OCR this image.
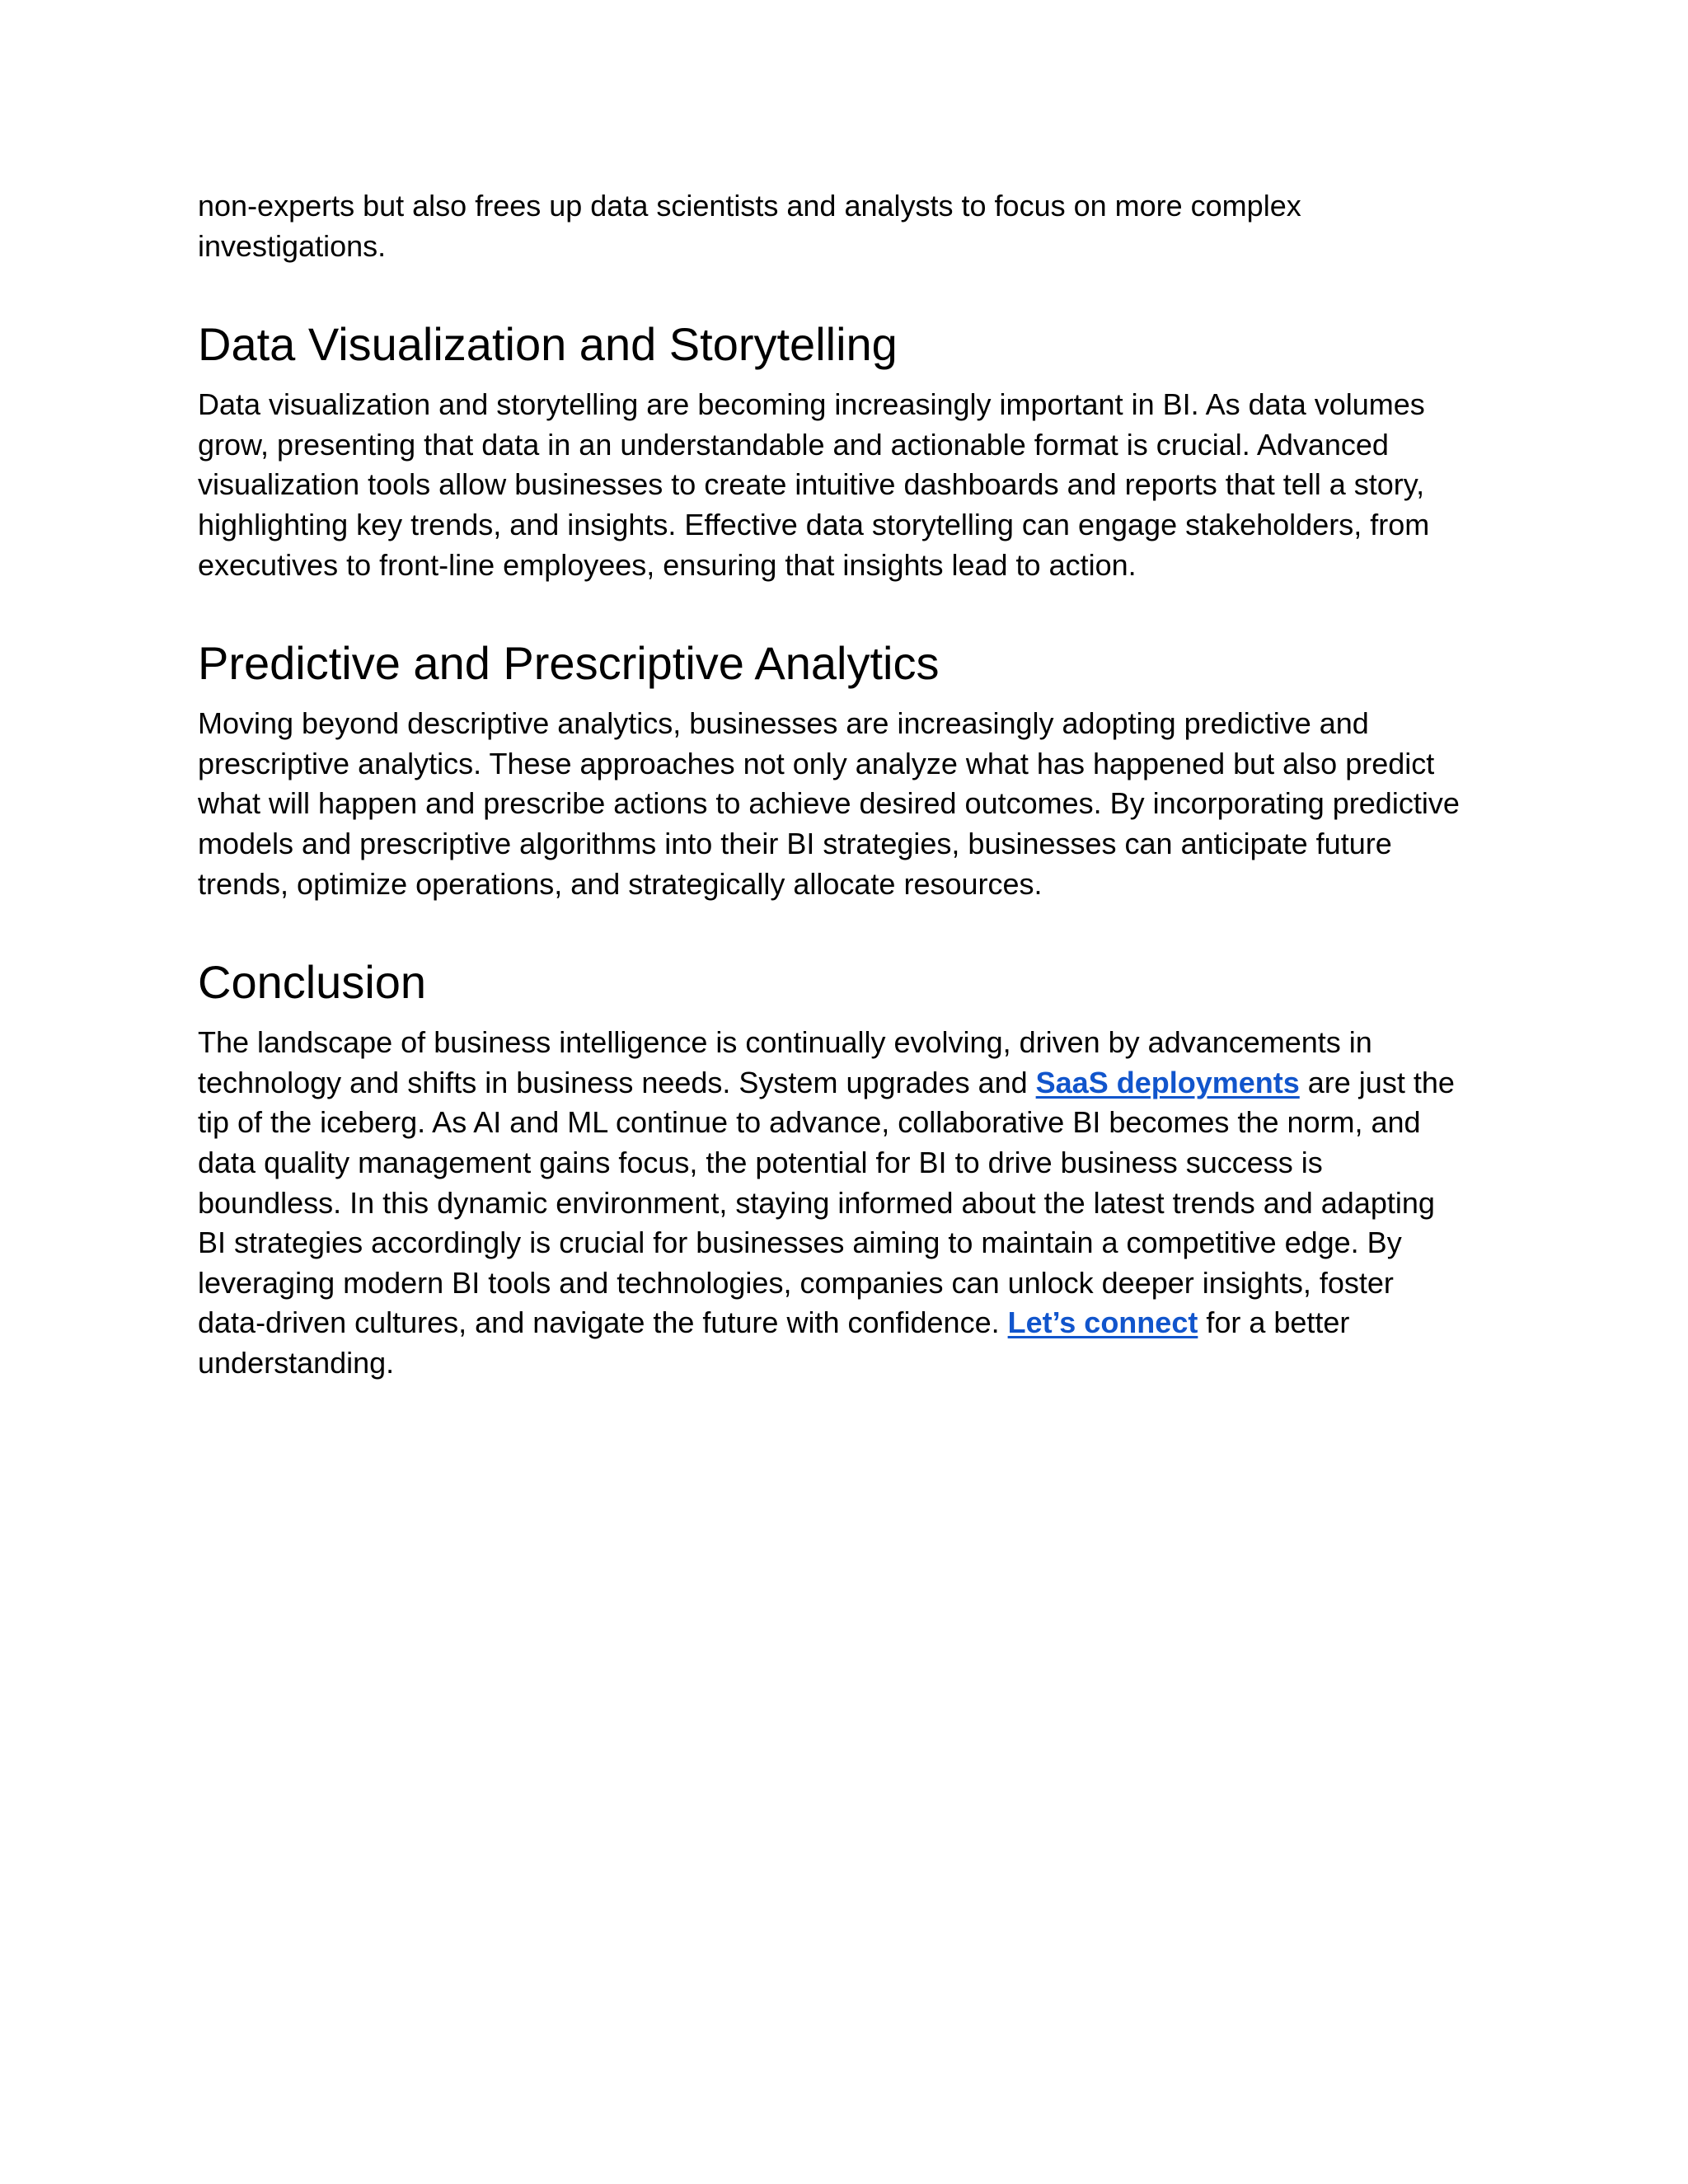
non-experts but also frees up data scientists and analysts to focus on more complex
investigations.

Data Visualization and Storytelling

Data visualization and storytelling are becoming increasingly important in BI. As data volumes
grow, presenting that data in an understandable and actionable format is crucial. Advanced
visualization tools allow businesses to create intuitive dashboards and reports that tell a story,
highlighting key trends, and insights. Effective data storytelling can engage stakeholders, from
executives to front-line employees, ensuring that insights lead to action.

Predictive and Prescriptive Analytics

Moving beyond descriptive analytics, businesses are increasingly adopting predictive and
prescriptive analytics. These approaches not only analyze what has happened but also predict
what will happen and prescribe actions to achieve desired outcomes. By incorporating predictive
models and prescriptive algorithms into their BI strategies, businesses can anticipate future
trends, optimize operations, and strategically allocate resources.

Conclusion

The landscape of business intelligence is continually evolving, driven by advancements in
technology and shifts in business needs. System upgrades and SaaS deployments are just the
tip of the iceberg. As AI and ML continue to advance, collaborative BI becomes the norm, and
data quality management gains focus, the potential for BI to drive business success is
boundless. In this dynamic environment, staying informed about the latest trends and adapting
BI strategies accordingly is crucial for businesses aiming to maintain a competitive edge. By
leveraging modern BI tools and technologies, companies can unlock deeper insights, foster
data-driven cultures, and navigate the future with confidence. Let’s connect for a better
understanding.
